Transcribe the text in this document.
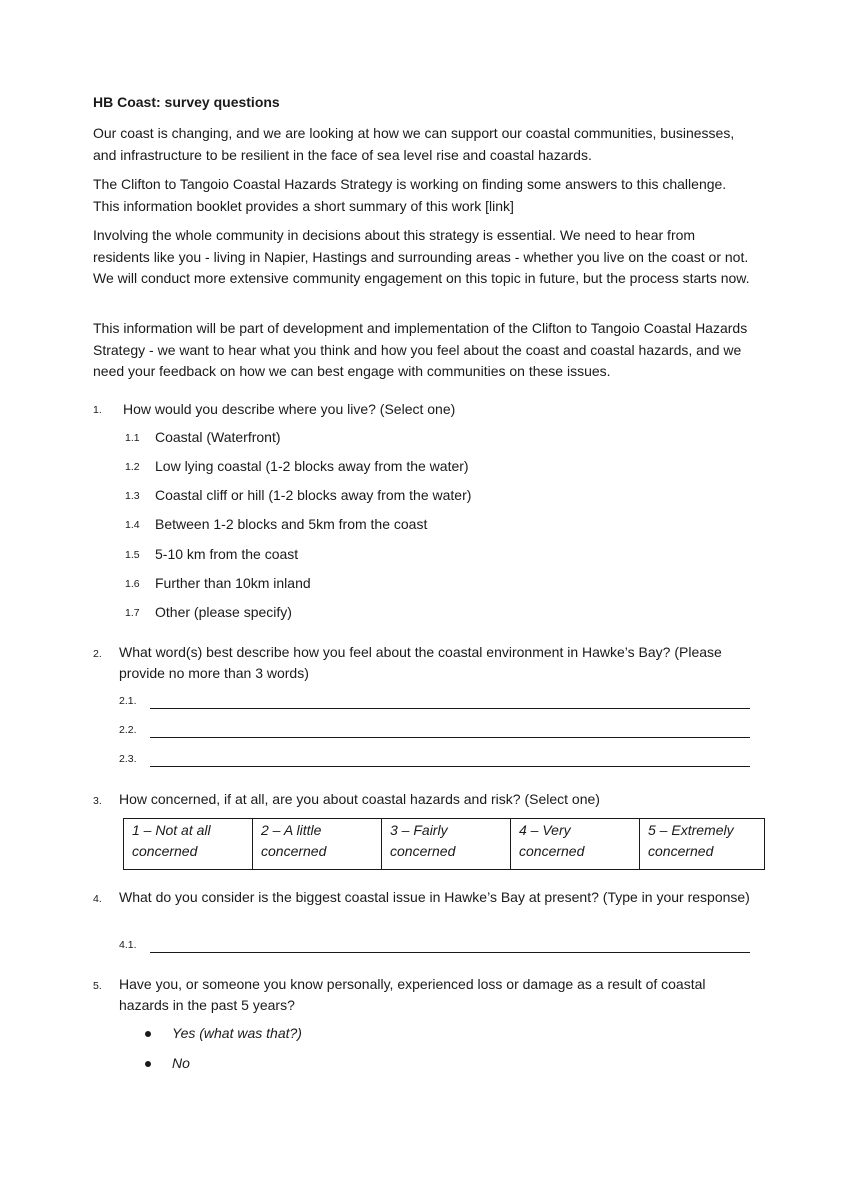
HB Coast: survey questions
Our coast is changing, and we are looking at how we can support our coastal communities, businesses, and infrastructure to be resilient in the face of sea level rise and coastal hazards.
The Clifton to Tangoio Coastal Hazards Strategy is working on finding some answers to this challenge. This information booklet provides a short summary of this work [link]
Involving the whole community in decisions about this strategy is essential. We need to hear from residents like you - living in Napier, Hastings and surrounding areas - whether you live on the coast or not. We will conduct more extensive community engagement on this topic in future, but the process starts now.
This information will be part of development and implementation of the Clifton to Tangoio Coastal Hazards Strategy - we want to hear what you think and how you feel about the coast and coastal hazards, and we need your feedback on how we can best engage with communities on these issues.
1. How would you describe where you live? (Select one)
1.1 Coastal (Waterfront)
1.2 Low lying coastal (1-2 blocks away from the water)
1.3 Coastal cliff or hill (1-2 blocks away from the water)
1.4 Between 1-2 blocks and 5km from the coast
1.5 5-10 km from the coast
1.6 Further than 10km inland
1.7 Other (please specify)
2. What word(s) best describe how you feel about the coastal environment in Hawke’s Bay? (Please provide no more than 3 words)
2.1.
2.2.
2.3.
3. How concerned, if at all, are you about coastal hazards and risk? (Select one)
1 – Not at all concerned	2 – A little concerned	3 – Fairly concerned	4 – Very concerned	5 – Extremely concerned
4. What do you consider is the biggest coastal issue in Hawke’s Bay at present? (Type in your response)
4.1.
5. Have you, or someone you know personally, experienced loss or damage as a result of coastal hazards in the past 5 years?
Yes (what was that?)
No
